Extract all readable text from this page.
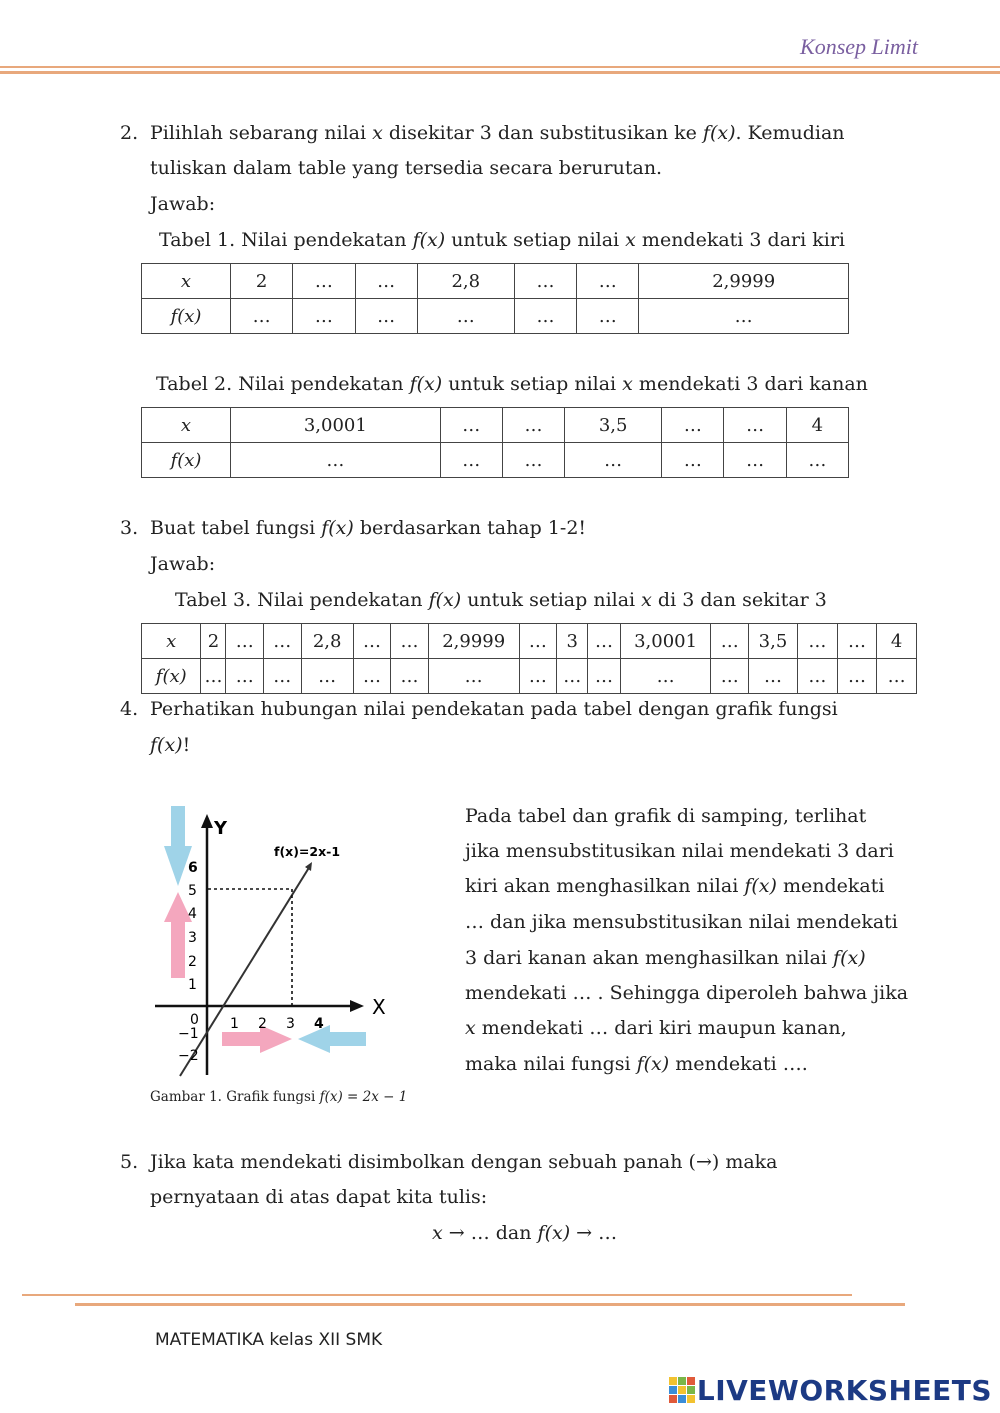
Konsep Limit
2. Pilihlah sebarang nilai x disekitar 3 dan substitusikan ke f(x). Kemudian
tuliskan dalam table yang tersedia secara berurutan.
Jawab:
Tabel 1. Nilai pendekatan f(x) untuk setiap nilai x mendekati 3 dari kiri
x	2	…	…	2,8	…	…	2,9999
f(x)	…	…	…	…	…	…	…
Tabel 2. Nilai pendekatan f(x) untuk setiap nilai x mendekati 3 dari kanan
x	3,0001	…	…	3,5	…	…	4
f(x)	…	…	…	…	…	…	…
3. Buat tabel fungsi f(x) berdasarkan tahap 1-2!
Jawab:
Tabel 3. Nilai pendekatan f(x) untuk setiap nilai x di 3 dan sekitar 3
x	2	…	…	2,8	…	…	2,9999	…	3	…	3,0001	…	3,5	…	…	4
f(x)	…	…	…	…	…	…	…	…	…	…	…	…	…	…	…	…
4. Perhatikan hubungan nilai pendekatan pada tabel dengan grafik fungsi
f(x)!
Y
X
f(x)=2x-1
6
5
4
3
2
1
−1
−2
0 1 2 3 4
Gambar 1. Grafik fungsi f(x) = 2x − 1
Pada tabel dan grafik di samping, terlihat
jika mensubstitusikan nilai mendekati 3 dari
kiri akan menghasilkan nilai f(x) mendekati
… dan jika mensubstitusikan nilai mendekati
3 dari kanan akan menghasilkan nilai f(x)
mendekati … . Sehingga diperoleh bahwa jika
x mendekati … dari kiri maupun kanan,
maka nilai fungsi f(x) mendekati ….
5. Jika kata mendekati disimbolkan dengan sebuah panah (→) maka
pernyataan di atas dapat kita tulis:
x → … dan f(x) → …
MATEMATIKA kelas XII SMK
LIVEWORKSHEETS
